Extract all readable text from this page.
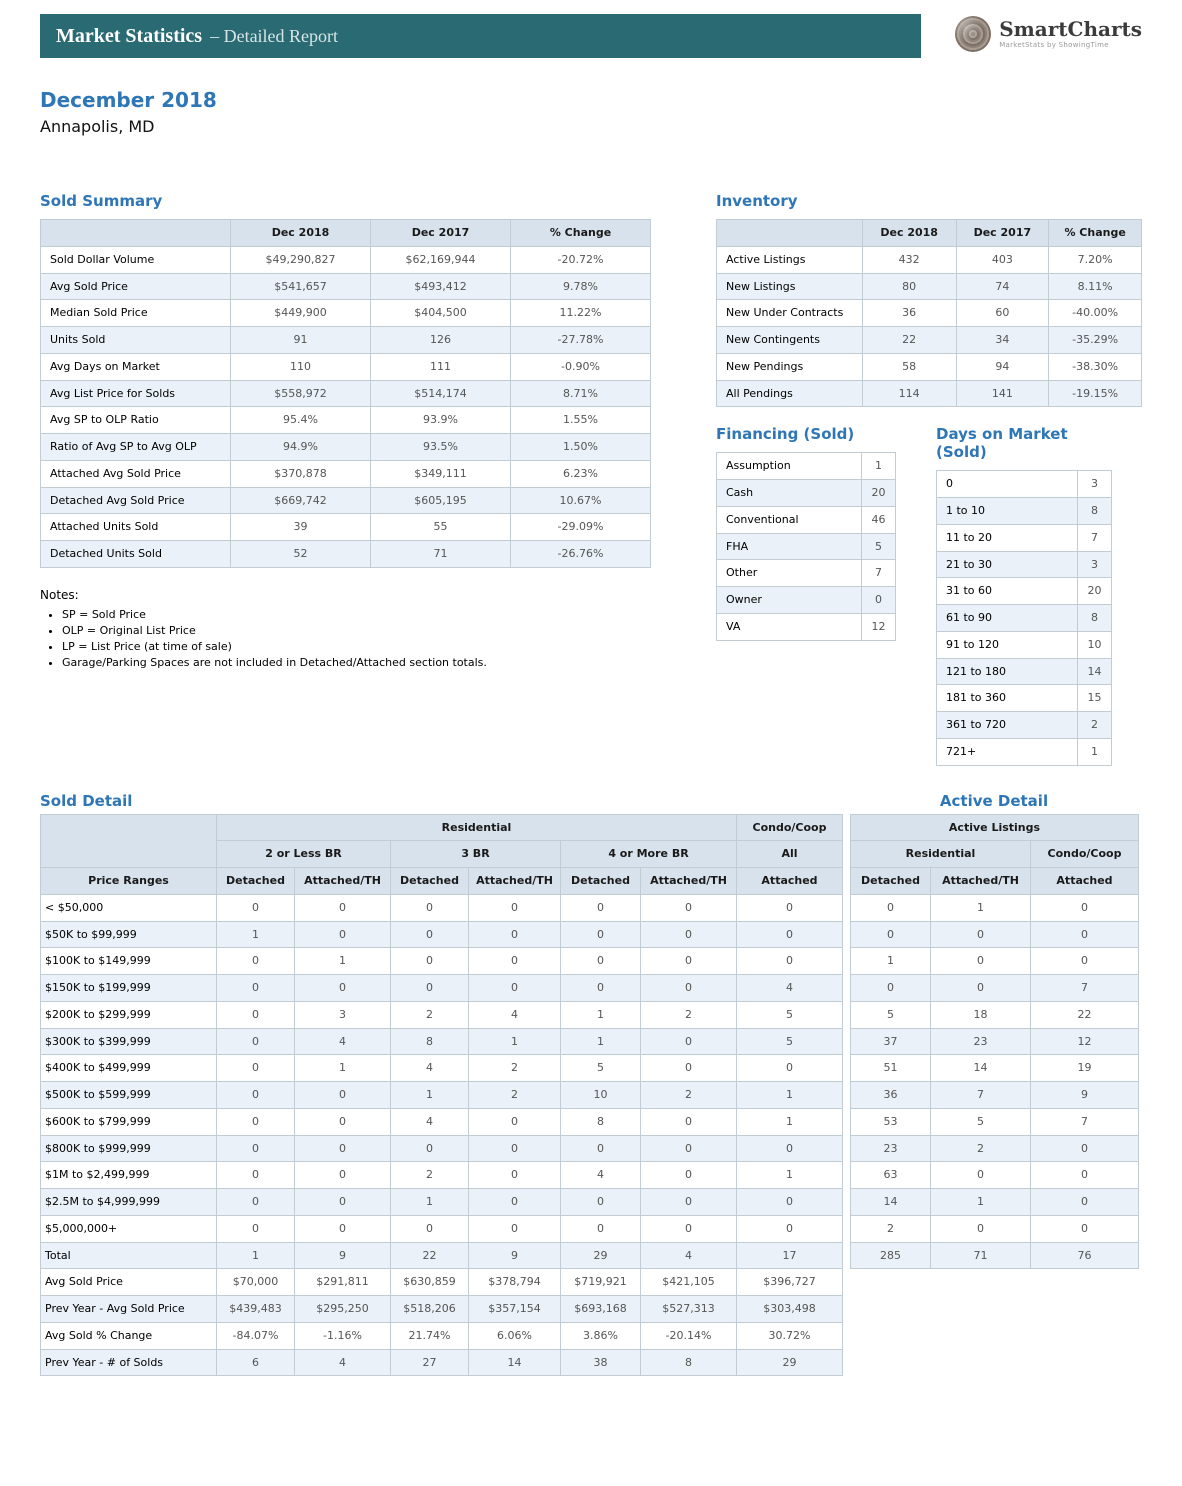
Market Statistics – Detailed Report	SmartCharts
MarketStats by ShowingTime
December 2018
Annapolis, MD
Sold Summary
	Dec 2018	Dec 2017	% Change
Sold Dollar Volume	$49,290,827	$62,169,944	-20.72%
Avg Sold Price	$541,657	$493,412	9.78%
Median Sold Price	$449,900	$404,500	11.22%
Units Sold	91	126	-27.78%
Avg Days on Market	110	111	-0.90%
Avg List Price for Solds	$558,972	$514,174	8.71%
Avg SP to OLP Ratio	95.4%	93.9%	1.55%
Ratio of Avg SP to Avg OLP	94.9%	93.5%	1.50%
Attached Avg Sold Price	$370,878	$349,111	6.23%
Detached Avg Sold Price	$669,742	$605,195	10.67%
Attached Units Sold	39	55	-29.09%
Detached Units Sold	52	71	-26.76%
Notes:
• SP = Sold Price
• OLP = Original List Price
• LP = List Price (at time of sale)
• Garage/Parking Spaces are not included in Detached/Attached section totals.
Inventory
	Dec 2018	Dec 2017	% Change
Active Listings	432	403	7.20%
New Listings	80	74	8.11%
New Under Contracts	36	60	-40.00%
New Contingents	22	34	-35.29%
New Pendings	58	94	-38.30%
All Pendings	114	141	-19.15%
Financing (Sold)
Assumption	1
Cash	20
Conventional	46
FHA	5
Other	7
Owner	0
VA	12
Days on Market (Sold)
0	3
1 to 10	8
11 to 20	7
21 to 30	3
31 to 60	20
61 to 90	8
91 to 120	10
121 to 180	14
181 to 360	15
361 to 720	2
721+	1
Sold Detail	Active Detail
	Residential						Condo/Coop		Active Listings		
	2 or Less BR		3 BR		4 or More BR		All		Residential		Condo/Coop
Price Ranges	Detached	Attached/TH	Detached	Attached/TH	Detached	Attached/TH	Attached		Detached	Attached/TH	Attached
< $50,000	0	0	0	0	0	0	0		0	1	0
$50K to $99,999	1	0	0	0	0	0	0		0	0	0
$100K to $149,999	0	1	0	0	0	0	0		1	0	0
$150K to $199,999	0	0	0	0	0	0	4		0	0	7
$200K to $299,999	0	3	2	4	1	2	5		5	18	22
$300K to $399,999	0	4	8	1	1	0	5		37	23	12
$400K to $499,999	0	1	4	2	5	0	0		51	14	19
$500K to $599,999	0	0	1	2	10	2	1		36	7	9
$600K to $799,999	0	0	4	0	8	0	1		53	5	7
$800K to $999,999	0	0	0	0	0	0	0		23	2	0
$1M to $2,499,999	0	0	2	0	4	0	1		63	0	0
$2.5M to $4,999,999	0	0	1	0	0	0	0		14	1	0
$5,000,000+	0	0	0	0	0	0	0		2	0	0
Total	1	9	22	9	29	4	17		285	71	76
Avg Sold Price	$70,000	$291,811	$630,859	$378,794	$719,921	$421,105	$396,727				
Prev Year - Avg Sold Price	$439,483	$295,250	$518,206	$357,154	$693,168	$527,313	$303,498				
Avg Sold % Change	-84.07%	-1.16%	21.74%	6.06%	3.86%	-20.14%	30.72%				
Prev Year - # of Solds	6	4	27	14	38	8	29				
